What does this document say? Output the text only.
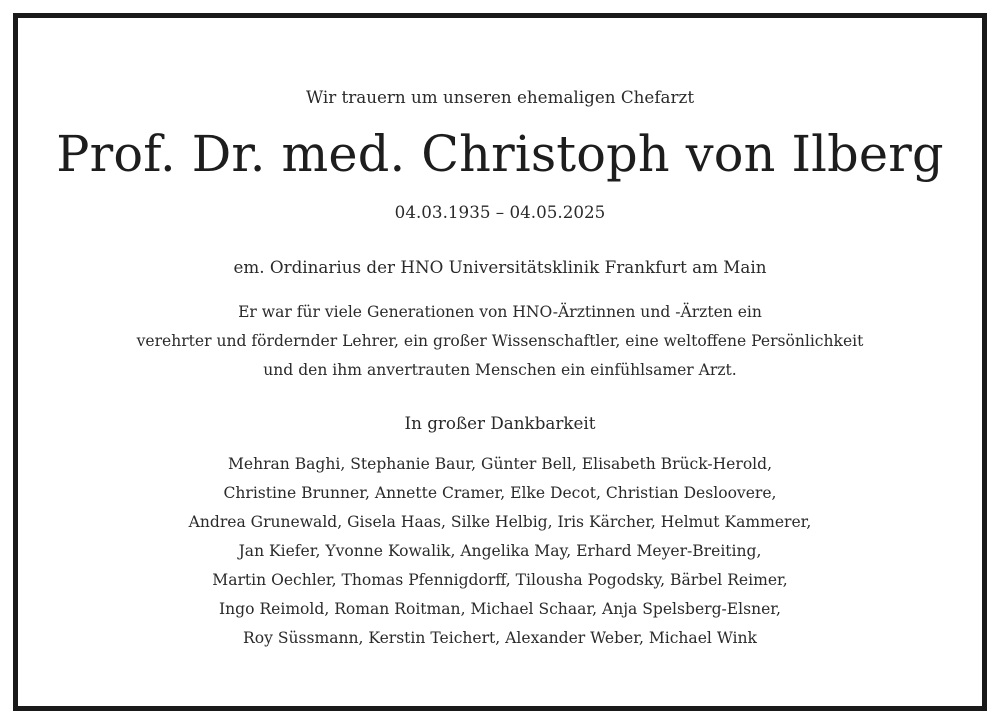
Wir trauern um unseren ehemaligen Chefarzt
Prof. Dr. med. Christoph von Ilberg
04.03.1935 – 04.05.2025
em. Ordinarius der HNO Universitätsklinik Frankfurt am Main
Er war für viele Generationen von HNO-Ärztinnen und -Ärzten ein
verehrter und fördernder Lehrer, ein großer Wissenschaftler, eine weltoffene Persönlichkeit
und den ihm anvertrauten Menschen ein einfühlsamer Arzt.
In großer Dankbarkeit
Mehran Baghi, Stephanie Baur, Günter Bell, Elisabeth Brück-Herold,
Christine Brunner, Annette Cramer, Elke Decot, Christian Desloovere,
Andrea Grunewald, Gisela Haas, Silke Helbig, Iris Kärcher, Helmut Kammerer,
Jan Kiefer, Yvonne Kowalik, Angelika May, Erhard Meyer-Breiting,
Martin Oechler, Thomas Pfennigdorff, Tilousha Pogodsky, Bärbel Reimer,
Ingo Reimold, Roman Roitman, Michael Schaar, Anja Spelsberg-Elsner,
Roy Süssmann, Kerstin Teichert, Alexander Weber, Michael Wink
